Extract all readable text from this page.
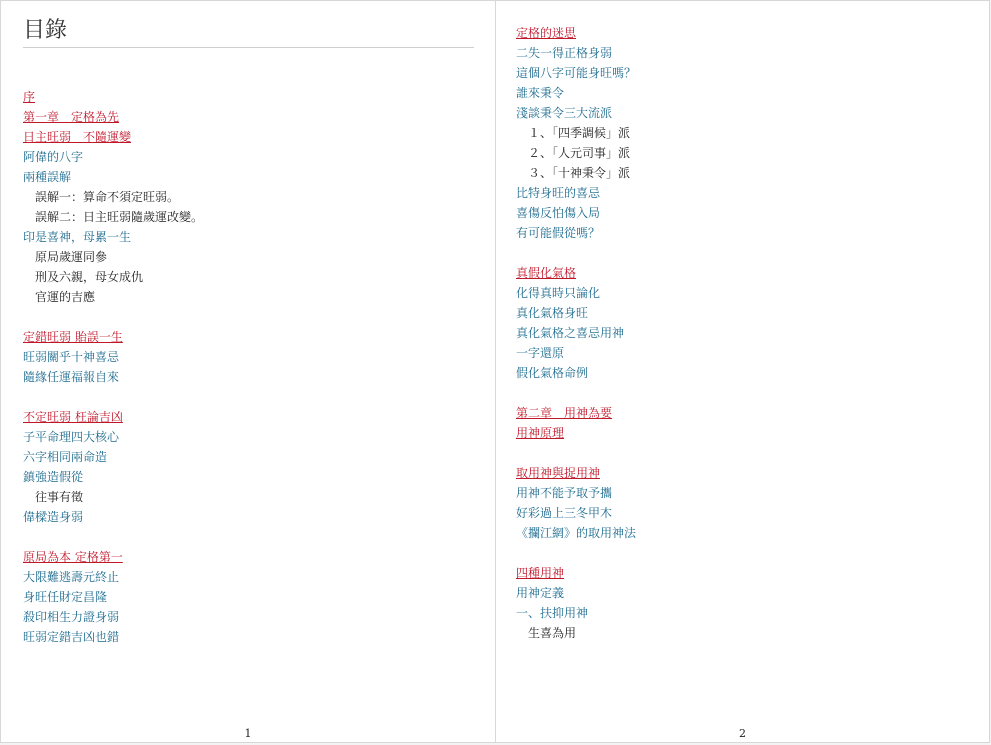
目錄
序
第一章　定格為先
日主旺弱　不隨運變
阿偉的八字
兩種誤解
誤解一：算命不須定旺弱。
誤解二：日主旺弱隨歲運改變。
印是喜神，母累一生
原局歲運同參
刑及六親，母女成仇
官運的吉應
定錯旺弱 貽誤一生
旺弱關乎十神喜忌
隨緣任運福報自來
不定旺弱 枉論吉凶
子平命理四大核心
六字相同兩命造
鎮強造假從
往事有徵
偉樑造身弱
原局為本 定格第一
大限難逃壽元終止
身旺任財定昌隆
殺印相生力證身弱
旺弱定錯吉凶也錯
1
定格的迷思
二失一得正格身弱
這個八字可能身旺嗎？
誰來秉令
淺談秉令三大流派
１、「四季調候」派
２、「人元司事」派
３、「十神秉令」派
比特身旺的喜忌
喜傷反怕傷入局
有可能假從嗎？
真假化氣格
化得真時只論化
真化氣格身旺
真化氣格之喜忌用神
一字還原
假化氣格命例
第二章　用神為要
用神原理
取用神與捉用神
用神不能予取予攜
好彩過上三冬甲木
《攔江網》的取用神法
四種用神
用神定義
一、扶抑用神
生喜為用
2
